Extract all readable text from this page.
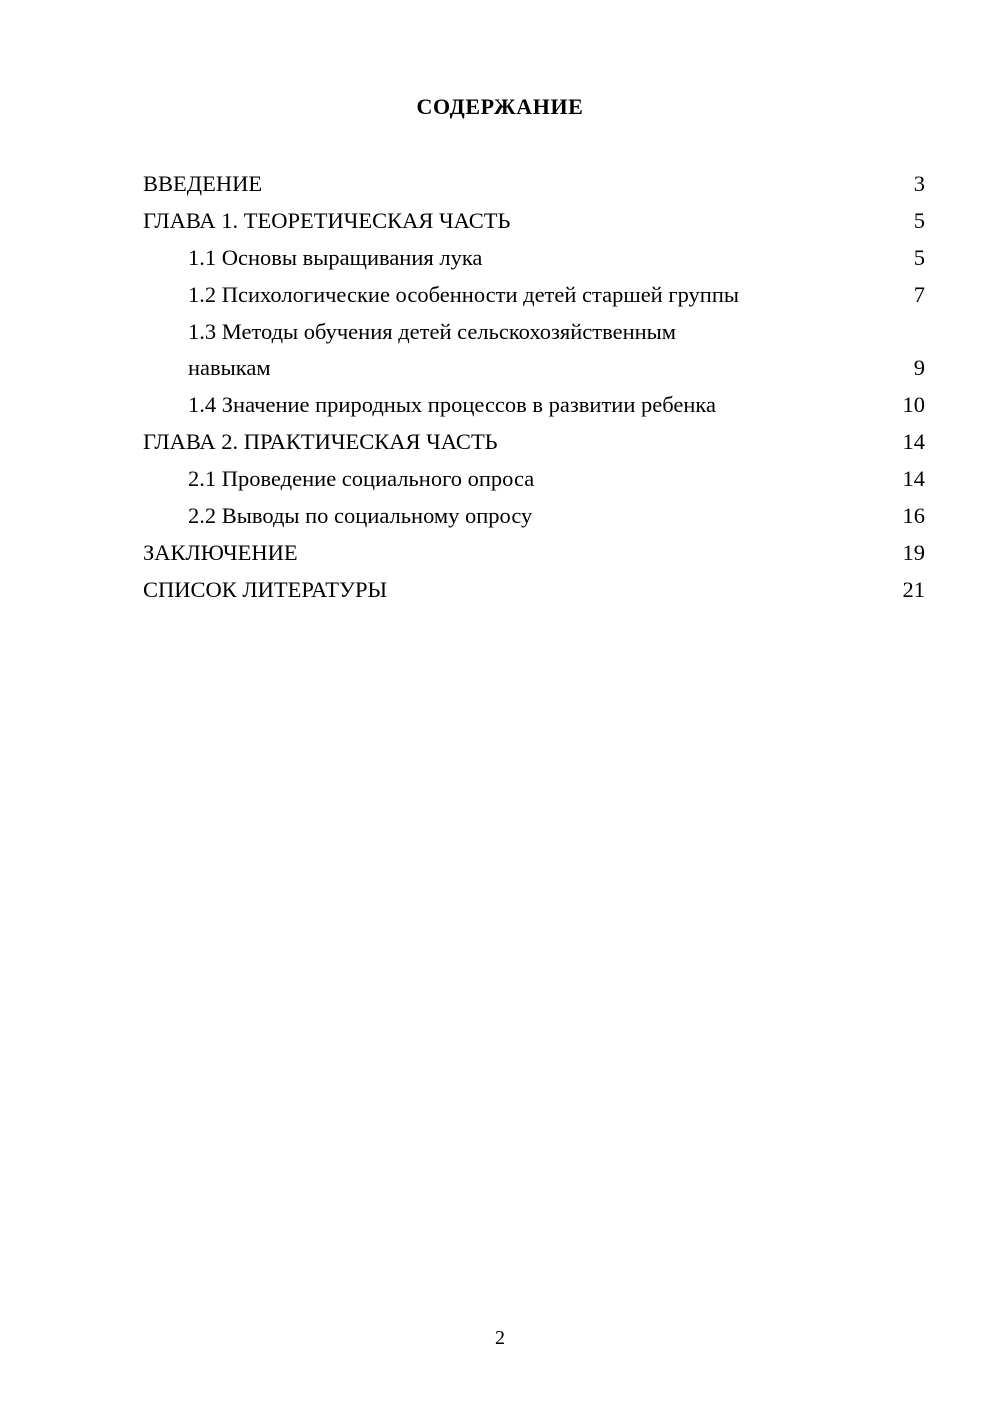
СОДЕРЖАНИЕ
ВВЕДЕНИЕ	3
ГЛАВА 1. ТЕОРЕТИЧЕСКАЯ ЧАСТЬ	5
1.1 Основы выращивания лука	5
1.2 Психологические особенности детей старшей группы	7
1.3 Методы обучения детей сельскохозяйственным навыкам	9
1.4 Значение природных процессов в развитии ребенка	10
ГЛАВА 2. ПРАКТИЧЕСКАЯ ЧАСТЬ	14
2.1 Проведение социального опроса	14
2.2 Выводы по социальному опросу	16
ЗАКЛЮЧЕНИЕ	19
СПИСОК ЛИТЕРАТУРЫ	21
2
